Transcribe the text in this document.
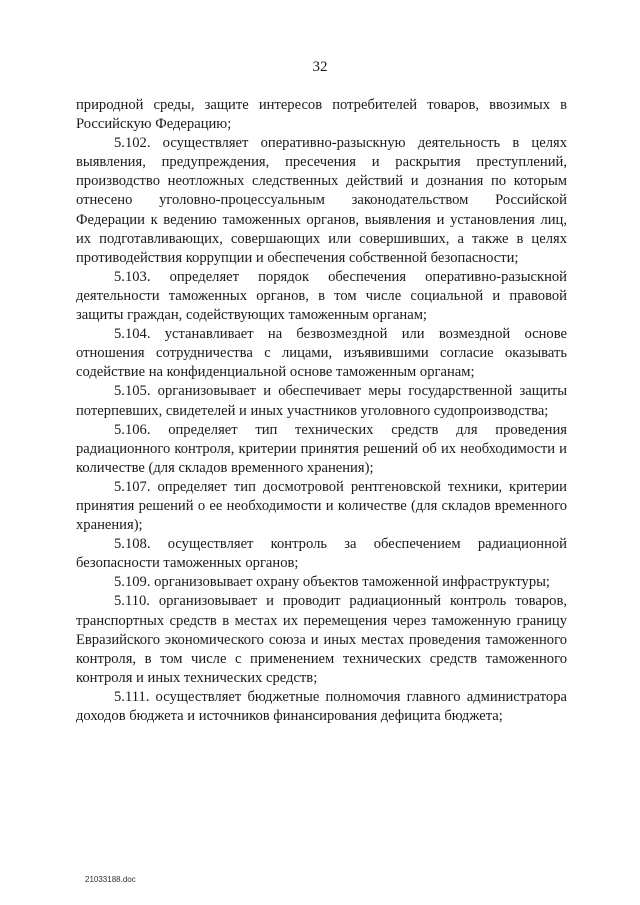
32

природной среды, защите интересов потребителей товаров, ввозимых в Российскую Федерацию;

5.102. осуществляет оперативно-разыскную деятельность в целях выявления, предупреждения, пресечения и раскрытия преступлений, производство неотложных следственных действий и дознания по которым отнесено уголовно-процессуальным законодательством Российской Федерации к ведению таможенных органов, выявления и установления лиц, их подготавливающих, совершающих или совершивших, а также в целях противодействия коррупции и обеспечения собственной безопасности;

5.103. определяет порядок обеспечения оперативно-разыскной деятельности таможенных органов, в том числе социальной и правовой защиты граждан, содействующих таможенным органам;

5.104. устанавливает на безвозмездной или возмездной основе отношения сотрудничества с лицами, изъявившими согласие оказывать содействие на конфиденциальной основе таможенным органам;

5.105. организовывает и обеспечивает меры государственной защиты потерпевших, свидетелей и иных участников уголовного судопроизводства;

5.106. определяет тип технических средств для проведения радиационного контроля, критерии принятия решений об их необходимости и количестве (для складов временного хранения);

5.107. определяет тип досмотровой рентгеновской техники, критерии принятия решений о ее необходимости и количестве (для складов временного хранения);

5.108. осуществляет контроль за обеспечением радиационной безопасности таможенных органов;

5.109. организовывает охрану объектов таможенной инфраструктуры;

5.110. организовывает и проводит радиационный контроль товаров, транспортных средств в местах их перемещения через таможенную границу Евразийского экономического союза и иных местах проведения таможенного контроля, в том числе с применением технических средств таможенного контроля и иных технических средств;

5.111. осуществляет бюджетные полномочия главного администратора доходов бюджета и источников финансирования дефицита бюджета;

21033188.doc
